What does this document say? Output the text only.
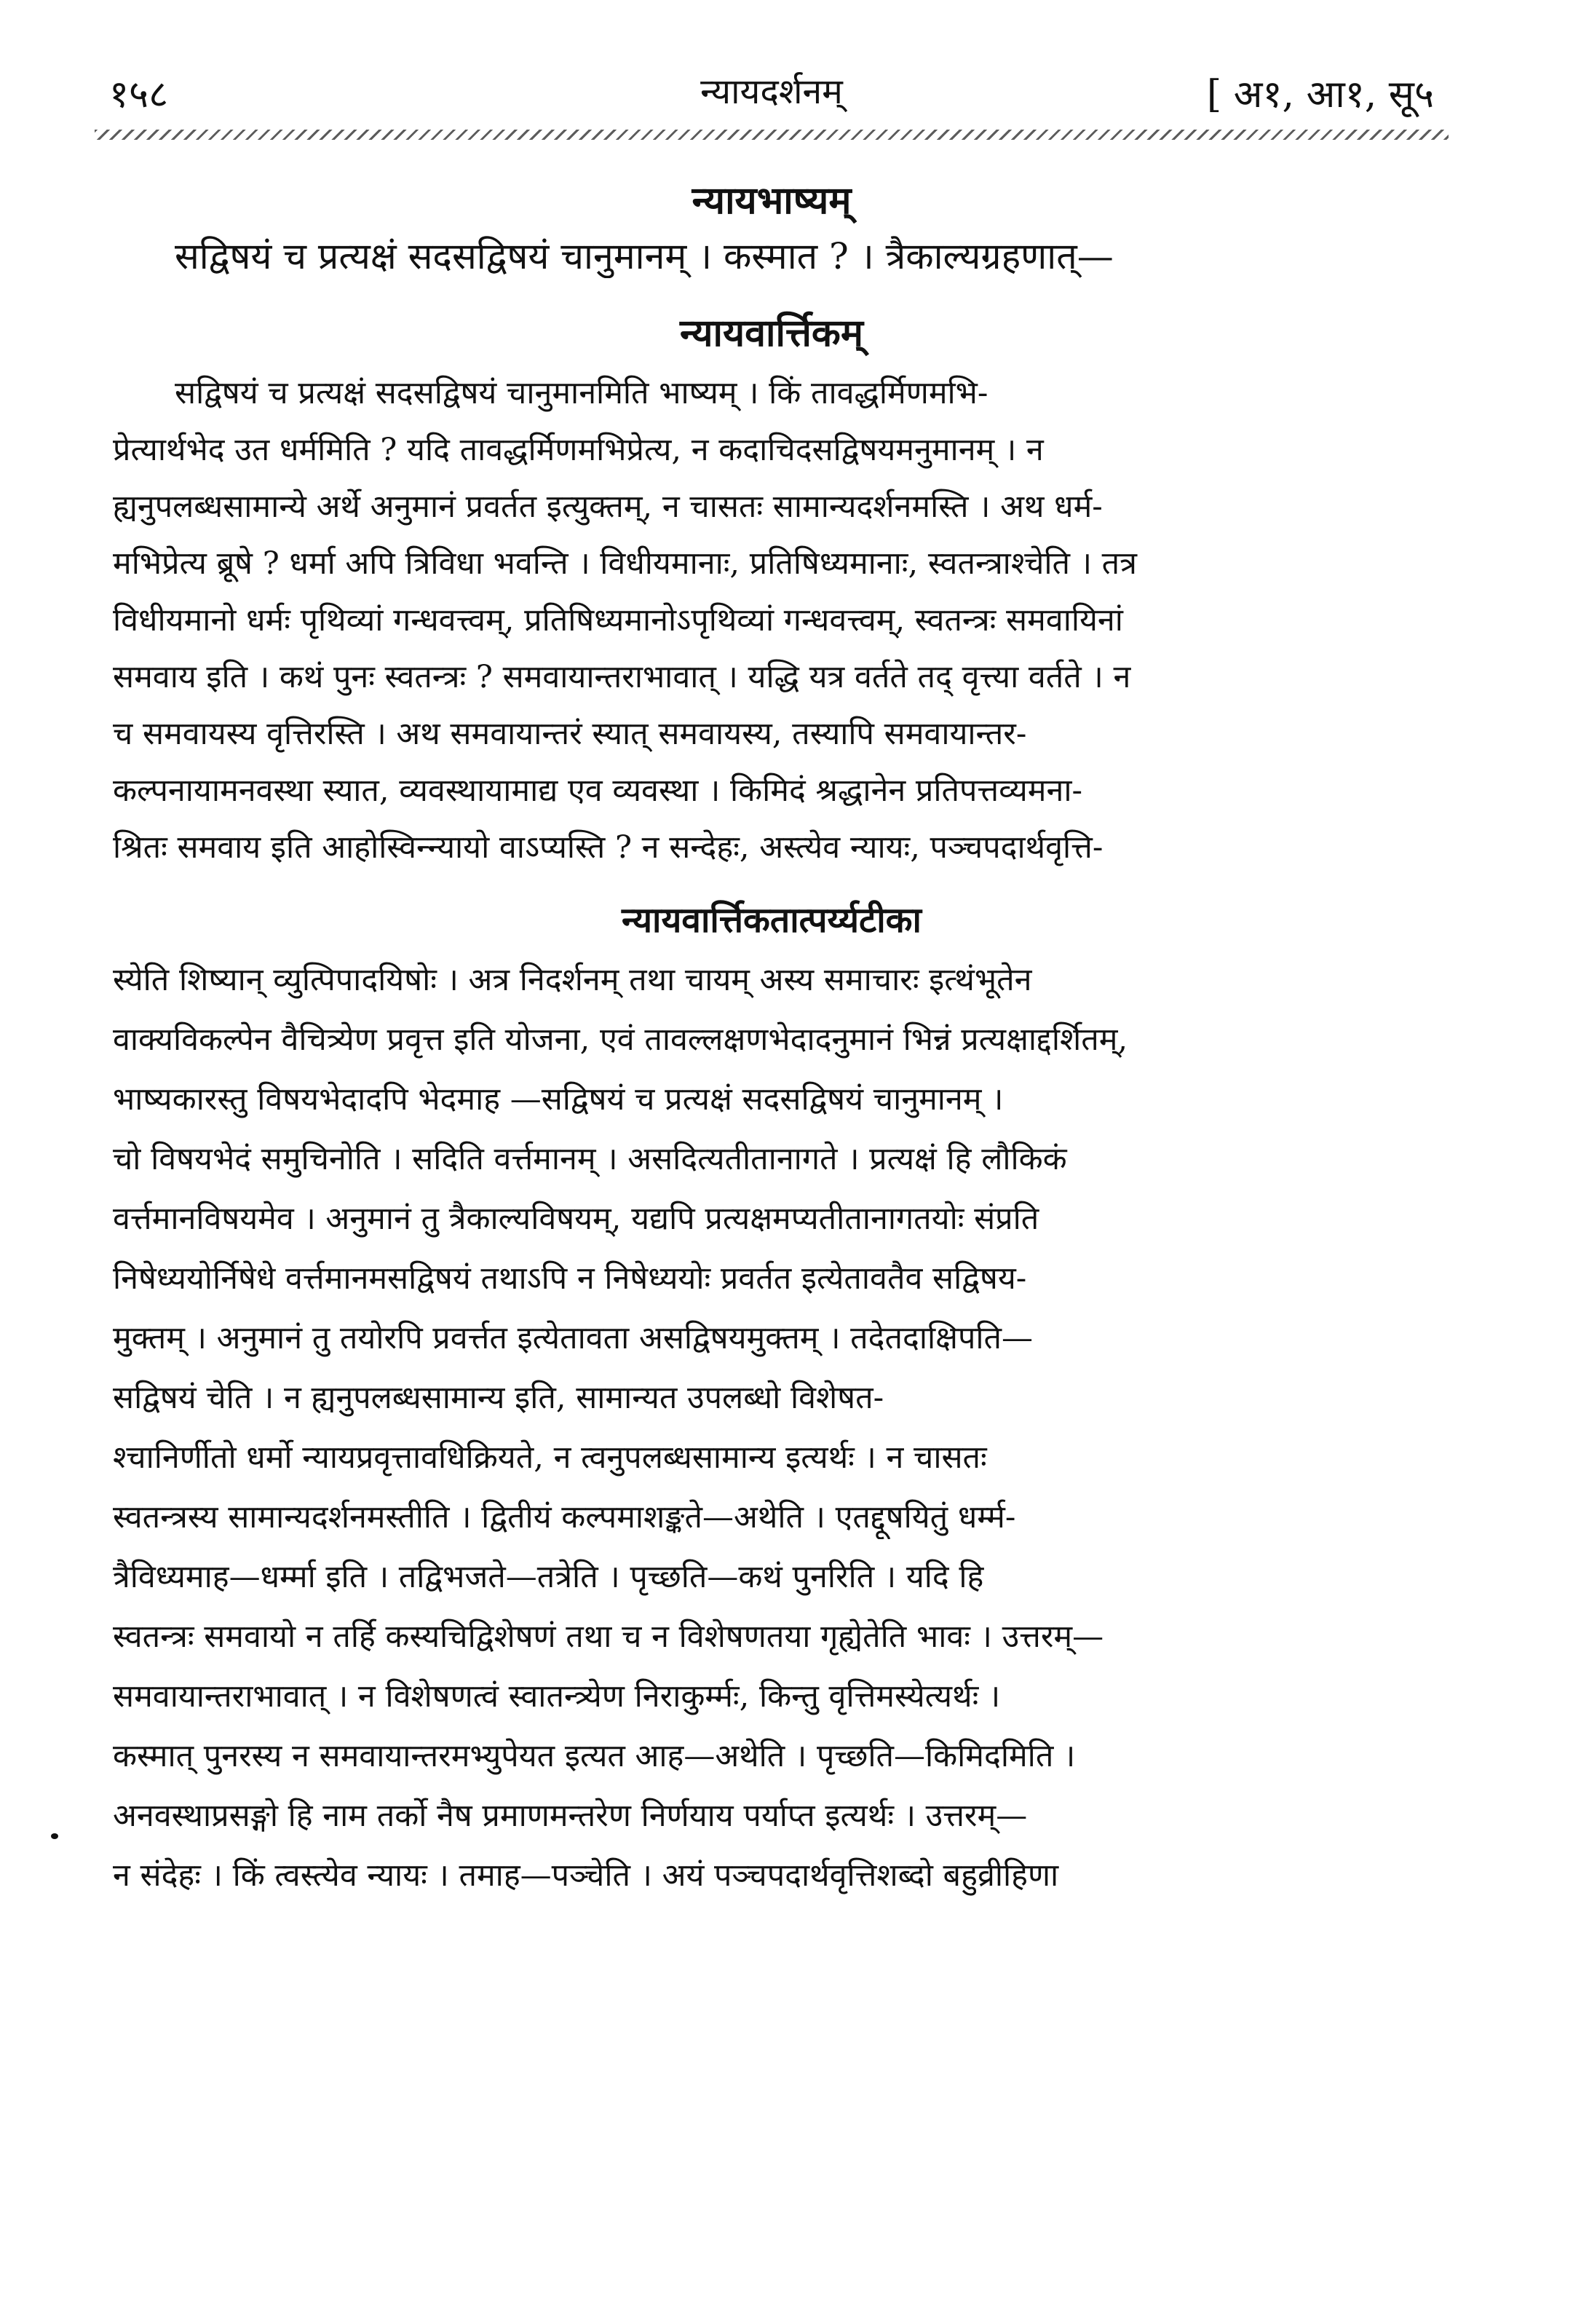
१५८	न्यायदर्शनम्	[ अ१, आ१, सू५
न्यायभाष्यम्
सद्विषयं च प्रत्यक्षं सदसद्विषयं चानुमानम् । कस्मात ? । त्रैकाल्यग्रहणात्—
न्यायवार्त्तिकम्
सद्विषयं च प्रत्यक्षं सदसद्विषयं चानुमानमिति भाष्यम् । किं तावद्धर्मिणमभि-
प्रेत्यार्थभेद उत धर्ममिति ? यदि तावद्धर्मिणमभिप्रेत्य, न कदाचिदसद्विषयमनुमानम् । न
ह्यनुपलब्धसामान्ये अर्थे अनुमानं प्रवर्तत इत्युक्तम्, न चासतः सामान्यदर्शनमस्ति । अथ धर्म-
मभिप्रेत्य ब्रूषे ? धर्मा अपि त्रिविधा भवन्ति । विधीयमानाः, प्रतिषिध्यमानाः, स्वतन्त्राश्चेति । तत्र
विधीयमानो धर्मः पृथिव्यां गन्धवत्त्वम्, प्रतिषिध्यमानोऽपृथिव्यां गन्धवत्त्वम्, स्वतन्त्रः समवायिनां
समवाय इति । कथं पुनः स्वतन्त्रः ? समवायान्तराभावात् । यद्धि यत्र वर्तते तद् वृत्त्या वर्तते । न
च समवायस्य वृत्तिरस्ति । अथ समवायान्तरं स्यात् समवायस्य, तस्यापि समवायान्तर-
कल्पनायामनवस्था स्यात, व्यवस्थायामाद्य एव व्यवस्था । किमिदं श्रद्धानेन प्रतिपत्तव्यमना-
श्रितः समवाय इति आहोस्विन्न्यायो वाऽप्यस्ति ? न सन्देहः, अस्त्येव न्यायः, पञ्चपदार्थवृत्ति-
न्यायवार्त्तिकतात्पर्य्यटीका
स्येति शिष्यान् व्युत्पिपादयिषोः । अत्र निदर्शनम् तथा चायम् अस्य समाचारः इत्थंभूतेन
वाक्यविकल्पेन वैचित्र्येण प्रवृत्त इति योजना, एवं तावल्लक्षणभेदादनुमानं भिन्नं प्रत्यक्षाद्दर्शितम्,
भाष्यकारस्तु विषयभेदादपि भेदमाह —सद्विषयं च प्रत्यक्षं सदसद्विषयं चानुमानम् ।
चो विषयभेदं समुचिनोति । सदिति वर्त्तमानम् । असदित्यतीतानागते । प्रत्यक्षं हि लौकिकं
वर्त्तमानविषयमेव । अनुमानं तु त्रैकाल्यविषयम्, यद्यपि प्रत्यक्षमप्यतीतानागतयोः संप्रति
निषेध्ययोर्निषेधे वर्त्तमानमसद्विषयं तथाऽपि न निषेध्ययोः प्रवर्तत इत्येतावतैव सद्विषय-
मुक्तम् । अनुमानं तु तयोरपि प्रवर्त्तत इत्येतावता असद्विषयमुक्तम् । तदेतदाक्षिपति—
सद्विषयं चेति । न ह्यनुपलब्धसामान्य इति, सामान्यत उपलब्धो विशेषत-
श्चानिर्णीतो धर्मो न्यायप्रवृत्तावधिक्रियते, न त्वनुपलब्धसामान्य इत्यर्थः । न चासतः
स्वतन्त्रस्य सामान्यदर्शनमस्तीति । द्वितीयं कल्पमाशङ्कते—अथेति । एतद्दूषयितुं धर्म्म-
त्रैविध्यमाह—धर्म्मा इति । तद्विभजते—तत्रेति । पृच्छति—कथं पुनरिति । यदि हि
स्वतन्त्रः समवायो न तर्हि कस्यचिद्विशेषणं तथा च न विशेषणतया गृह्येतेति भावः । उत्तरम्—
समवायान्तराभावात् । न विशेषणत्वं स्वातन्त्र्येण निराकुर्म्मः, किन्तु वृत्तिमस्येत्यर्थः ।
कस्मात् पुनरस्य न समवायान्तरमभ्युपेयत इत्यत आह—अथेति । पृच्छति—किमिदमिति ।
अनवस्थाप्रसङ्गो हि नाम तर्को नैष प्रमाणमन्तरेण निर्णयाय पर्याप्त इत्यर्थः । उत्तरम्—
न संदेहः । किं त्वस्त्येव न्यायः । तमाह—पञ्चेति । अयं पञ्चपदार्थवृत्तिशब्दो बहुव्रीहिणा
